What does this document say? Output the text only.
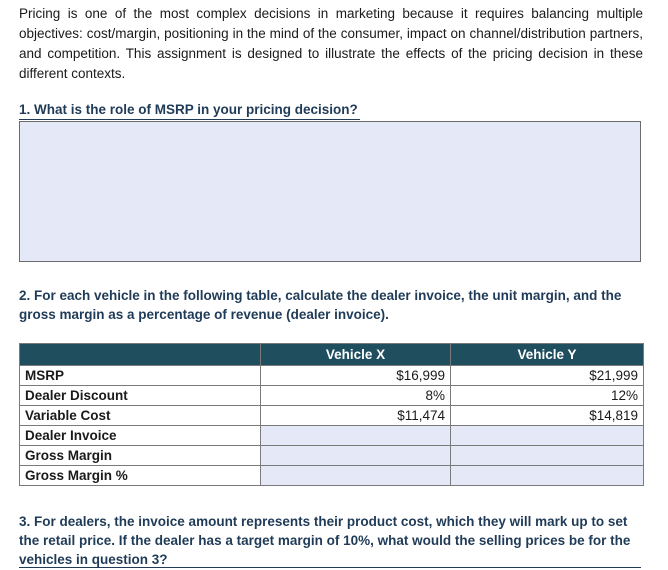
Pricing is one of the most complex decisions in marketing because it requires balancing multiple objectives: cost/margin, positioning in the mind of the consumer, impact on channel/distribution partners, and competition. This assignment is designed to illustrate the effects of the pricing decision in these different contexts.
1. What is the role of MSRP in your pricing decision?
2. For each vehicle in the following table, calculate the dealer invoice, the unit margin, and the gross margin as a percentage of revenue (dealer invoice).
	Vehicle X	Vehicle Y
MSRP	$16,999	$21,999
Dealer Discount	8%	12%
Variable Cost	$11,474	$14,819
Dealer Invoice		
Gross Margin		
Gross Margin %		
3. For dealers, the invoice amount represents their product cost, which they will mark up to set the retail price. If the dealer has a target margin of 10%, what would the selling prices be for the vehicles in question 3?
